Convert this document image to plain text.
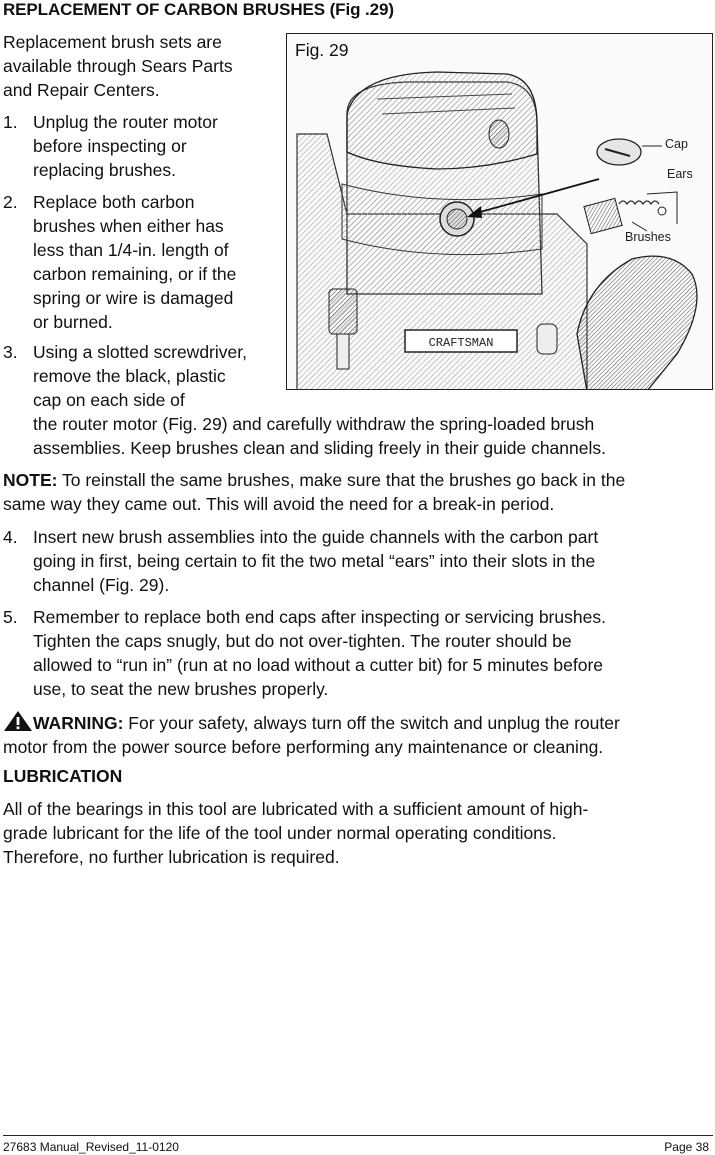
REPLACEMENT OF CARBON BRUSHES (Fig .29)
Replacement brush sets are
available through Sears Parts
and Repair Centers.
1. Unplug the router motor
before inspecting or
replacing brushes.
2. Replace both carbon
brushes when either has
less than 1/4-in. length of
carbon remaining, or if the
spring or wire is damaged
or burned.
3. Using a slotted screwdriver,
remove the black, plastic
cap on each side of
the router motor (Fig. 29) and carefully withdraw the spring-loaded brush
assemblies. Keep brushes clean and sliding freely in their guide channels.
NOTE: To reinstall the same brushes, make sure that the brushes go back in the
same way they came out. This will avoid the need for a break-in period.
4. Insert new brush assemblies into the guide channels with the carbon part
going in first, being certain to fit the two metal “ears” into their slots in the
channel (Fig. 29).
5. Remember to replace both end caps after inspecting or servicing brushes.
Tighten the caps snugly, but do not over-tighten. The router should be
allowed to “run in” (run at no load without a cutter bit) for 5 minutes before
use, to seat the new brushes properly.
WARNING: For your safety, always turn off the switch and unplug the router
motor from the power source before performing any maintenance or cleaning.
LUBRICATION
All of the bearings in this tool are lubricated with a sufficient amount of high-
grade lubricant for the life of the tool under normal operating conditions.
Therefore, no further lubrication is required.
CRAFTSMAN
Fig. 29
Cap
Ears
Brushes
27683 Manual_Revised_11-0120	Page 38
